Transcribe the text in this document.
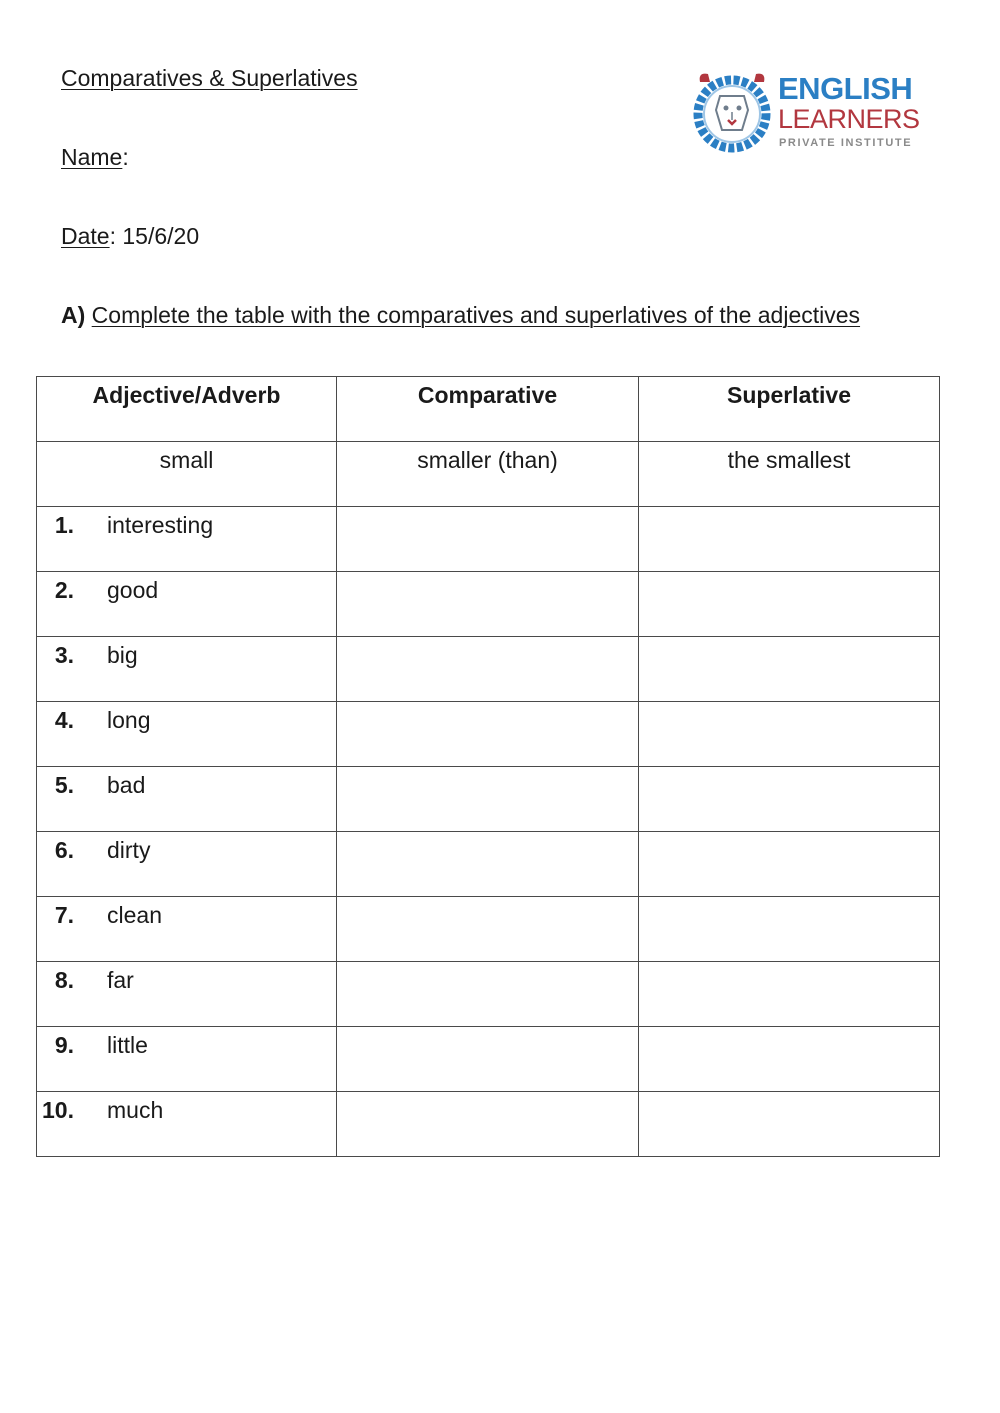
Comparatives & Superlatives
Name:
Date: 15/6/20
A) Complete the table with the comparatives and superlatives of the adjectives
ENGLISH
LEARNERS
PRIVATE INSTITUTE
Adjective/Adverb	Comparative	Superlative
small	smaller (than)	the smallest

1. interesting		

2. good		

3. big		

4. long		

5. bad		

6. dirty		

7. clean		

8. far		

9. little		

10. much		
